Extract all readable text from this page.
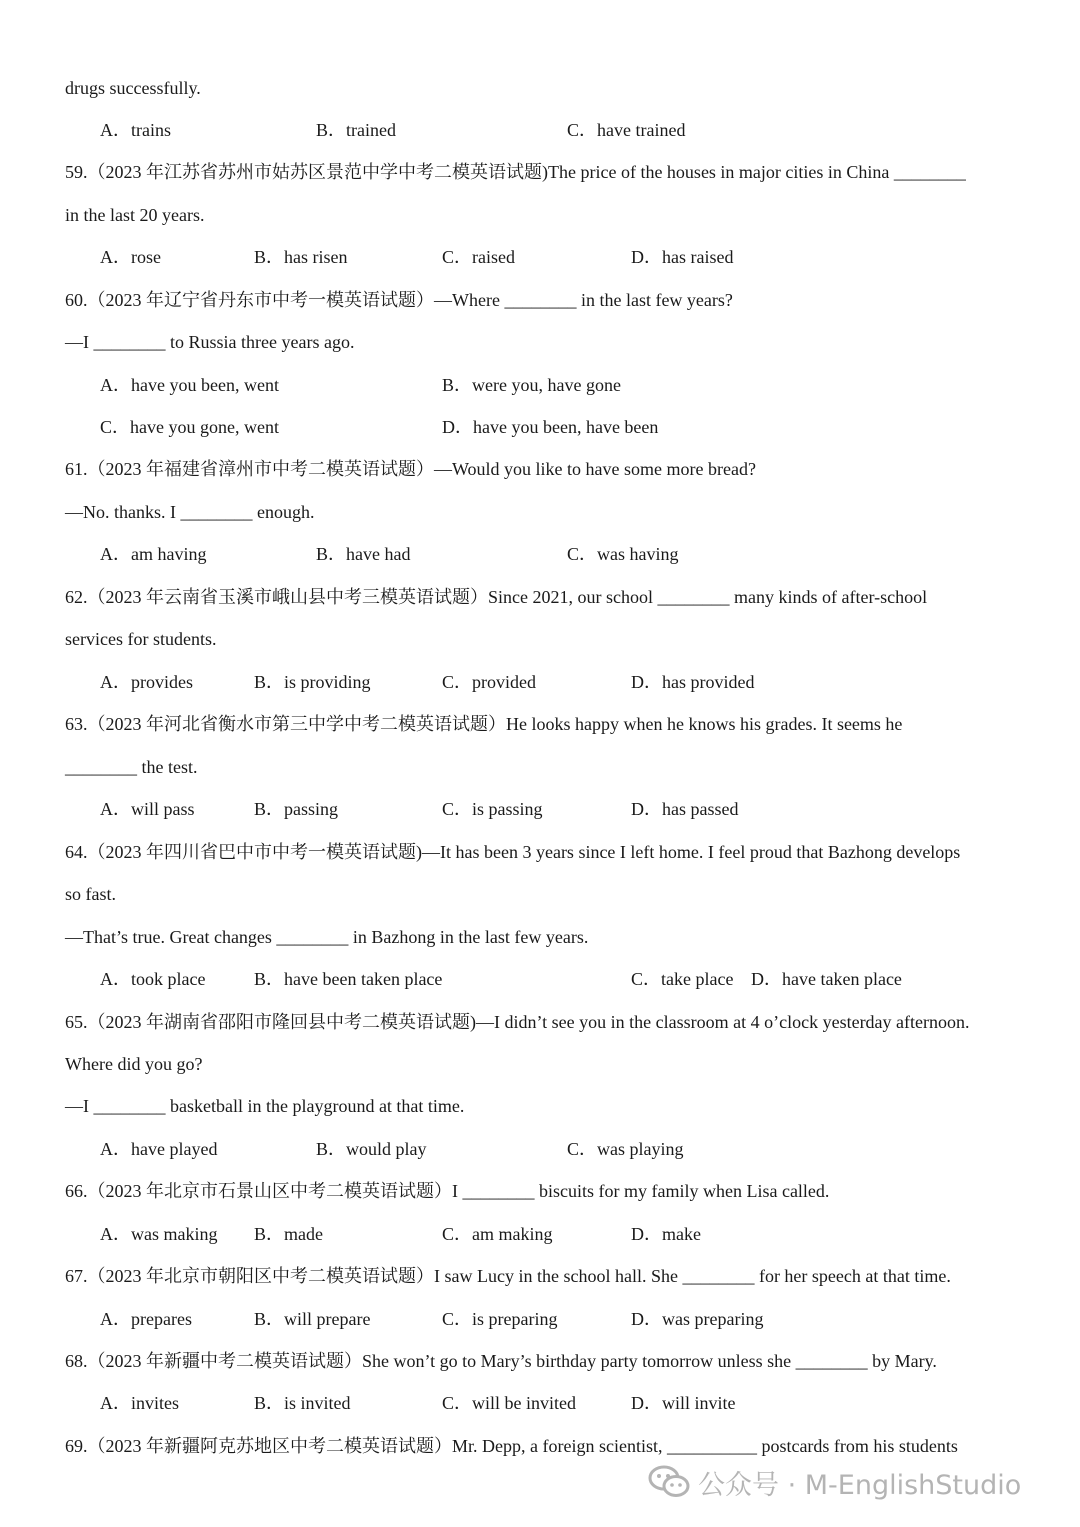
drugs successfully.
59.（2023 年江苏省苏州市姑苏区景范中学中考二模英语试题)The price of the houses in major cities in China ________
in the last 20 years.
60.（2023 年辽宁省丹东市中考一模英语试题）—Where ________ in the last few years?
—I ________ to Russia three years ago.
61.（2023 年福建省漳州市中考二模英语试题）—Would you like to have some more bread?
—No. thanks. I ________ enough.
62.（2023 年云南省玉溪市峨山县中考三模英语试题）Since 2021, our school ________ many kinds of after-school
services for students.
63.（2023 年河北省衡水市第三中学中考二模英语试题）He looks happy when he knows his grades. It seems he
________ the test.
64.（2023 年四川省巴中市中考一模英语试题)—It has been 3 years since I left home. I feel proud that Bazhong develops
so fast.
—That’s true. Great changes ________ in Bazhong in the last few years.
65.（2023 年湖南省邵阳市隆回县中考二模英语试题)—I didn’t see you in the classroom at 4 o’clock yesterday afternoon.
Where did you go?
—I ________ basketball in the playground at that time.
66.（2023 年北京市石景山区中考二模英语试题）I ________ biscuits for my family when Lisa called.
67.（2023 年北京市朝阳区中考二模英语试题）I saw Lucy in the school hall. She ________ for her speech at that time.
68.（2023 年新疆中考二模英语试题）She won’t go to Mary’s birthday party tomorrow unless she ________ by Mary.
69.（2023 年新疆阿克苏地区中考二模英语试题）Mr. Depp, a foreign scientist, __________ postcards from his students
A．trains	B．trained	C．have trained
A．rose	B．has risen	C．raised	D．has raised
A．have you been, went	B．were you, have gone
C．have you gone, went	D．have you been, have been
A．am having	B．have had	C．was having
A．provides	B．is providing	C．provided	D．has provided
A．will pass	B．passing	C．is passing	D．has passed
A．took place	B．have been taken place	C．take place D．have taken place
A．have played	B．would play	C．was playing
A．was making B．made	C．am making	D．make
A．prepares	B．will prepare	C．is preparing	D．was preparing
A．invites	B．is invited	C．will be invited	D．will invite
公众号 · M-EnglishStudio
